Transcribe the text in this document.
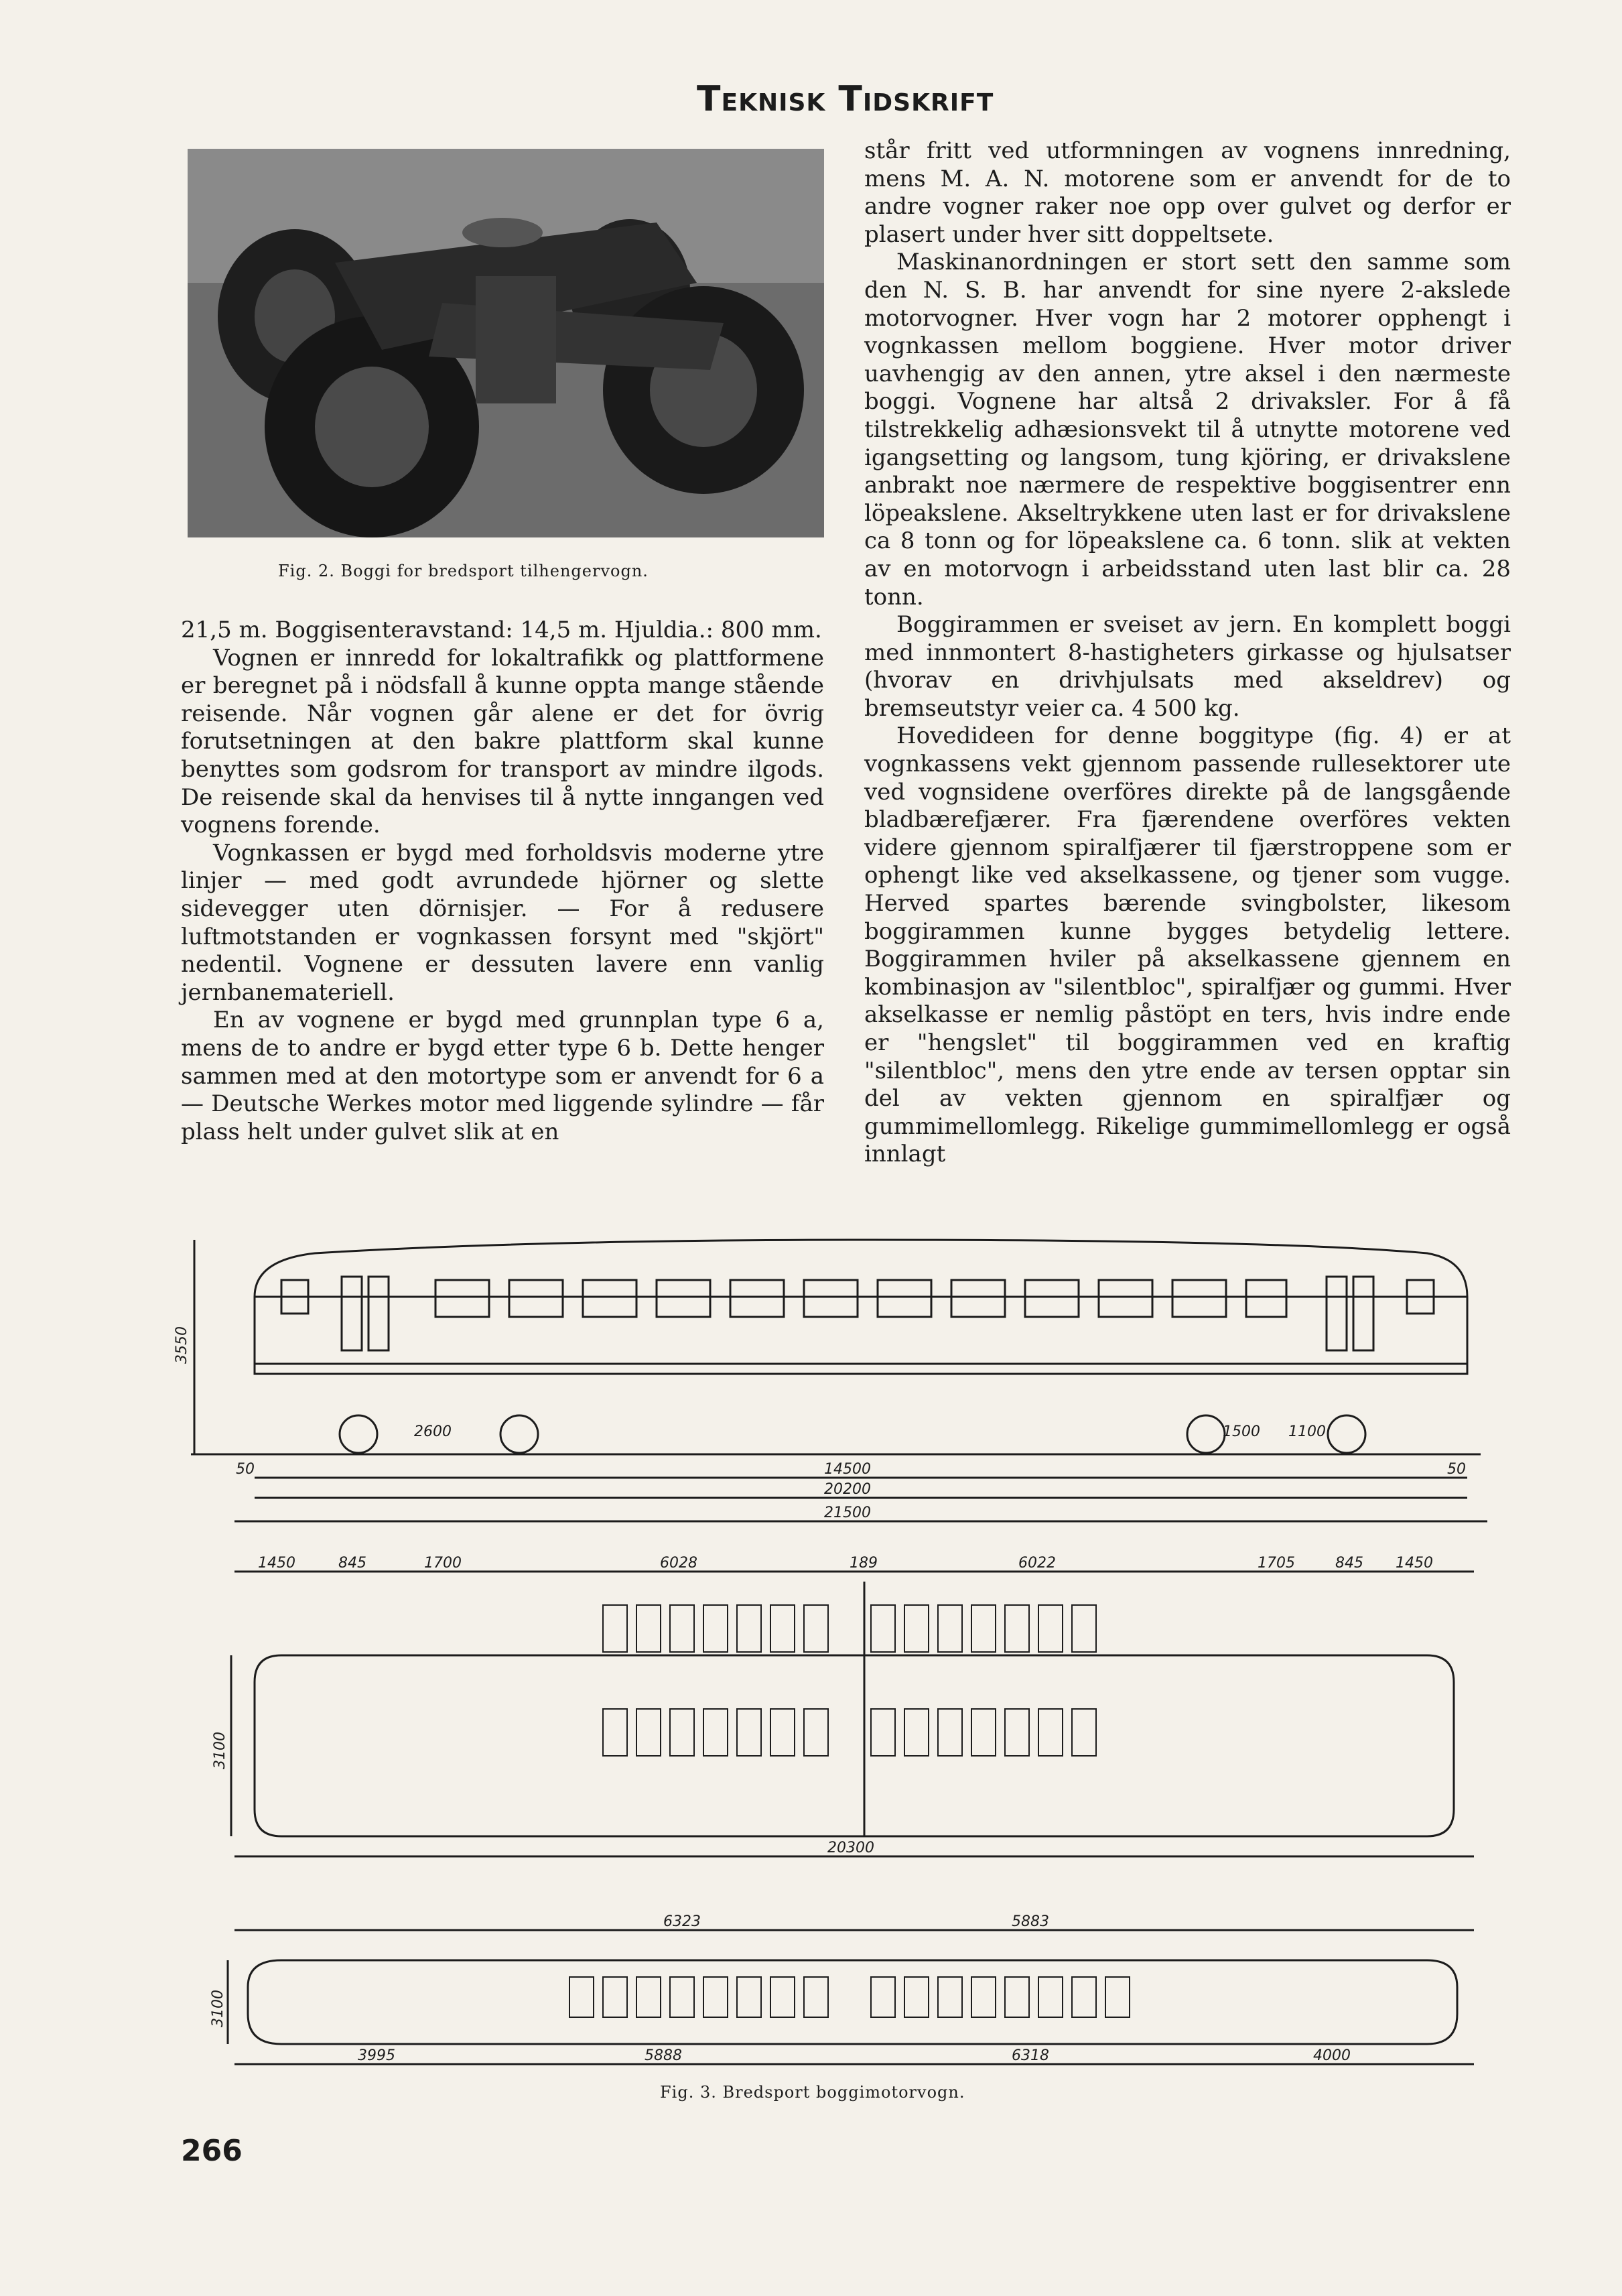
Teknisk Tidskrift
Fig. 2. Boggi for bredsport tilhengervogn.

21,5 m. Boggisenteravstand: 14,5 m. Hjuldia.: 800 mm.

Vognen er innredd for lokaltrafikk og plattformene er beregnet på i nödsfall å kunne oppta mange stående reisende. Når vognen går alene er det for övrig forutsetningen at den bakre plattform skal kunne benyttes som godsrom for transport av mindre ilgods. De reisende skal da henvises til å nytte inngangen ved vognens forende.

Vognkassen er bygd med forholdsvis moderne ytre linjer — med godt avrundede hjörner og slette sidevegger uten dörnisjer. — For å redusere luftmotstanden er vognkassen forsynt med "skjört" nedentil. Vognene er dessuten lavere enn vanlig jernbanemateriell.

En av vognene er bygd med grunnplan type 6 a, mens de to andre er bygd etter type 6 b. Dette henger sammen med at den motortype som er anvendt for 6 a — Deutsche Werkes motor med liggende sylindre — får plass helt under gulvet slik at en

står fritt ved utformningen av vognens innredning, mens M. A. N. motorene som er anvendt for de to andre vogner raker noe opp over gulvet og derfor er plasert under hver sitt doppeltsete.

Maskinanordningen er stort sett den samme som den N. S. B. har anvendt for sine nyere 2-akslede motorvogner. Hver vogn har 2 motorer opphengt i vognkassen mellom boggiene. Hver motor driver uavhengig av den annen, ytre aksel i den nærmeste boggi. Vognene har altså 2 drivaksler. For å få tilstrekkelig adhæsionsvekt til å utnytte motorene ved igangsetting og langsom, tung kjöring, er drivakslene anbrakt noe nærmere de respektive boggisentrer enn löpeakslene. Akseltrykkene uten last er for drivakslene ca 8 tonn og for löpeakslene ca. 6 tonn. slik at vekten av en motorvogn i arbeidsstand uten last blir ca. 28 tonn.

Boggirammen er sveiset av jern. En komplett boggi med innmontert 8-hastigheters girkasse og hjulsatser (hvorav en drivhjulsats med akseldrev) og bremseutstyr veier ca. 4 500 kg.

Hovedideen for denne boggitype (fig. 4) er at vognkassens vekt gjennom passende rullesektorer ute ved vognsidene overföres direkte på de langsgående bladbærefjærer. Fra fjærendene overföres vekten videre gjennom spiralfjærer til fjærstroppene som er ophengt like ved akselkassene, og tjener som vugge. Herved spartes bærende svingbolster, likesom boggirammen kunne bygges betydelig lettere. Boggirammen hviler på akselkassene gjennem en kombinasjon av "silentbloc", spiralfjær og gummi. Hver akselkasse er nemlig påstöpt en ters, hvis indre ende er "hengslet" til boggirammen ved en kraftig "silentbloc", mens den ytre ende av tersen opptar sin del av vekten gjennom en spiralfjær og gummimellomlegg. Rikelige gummimellomlegg er også innlagt

3550
2600	1500 1100
14500
20200
21500
50	50
1450	845	1700	6028	189	6022	1705	845 1450
3100
20300
6323	5883
3995	5888	6318	4000
3100
Fig. 3. Bredsport boggimotorvogn.
266
